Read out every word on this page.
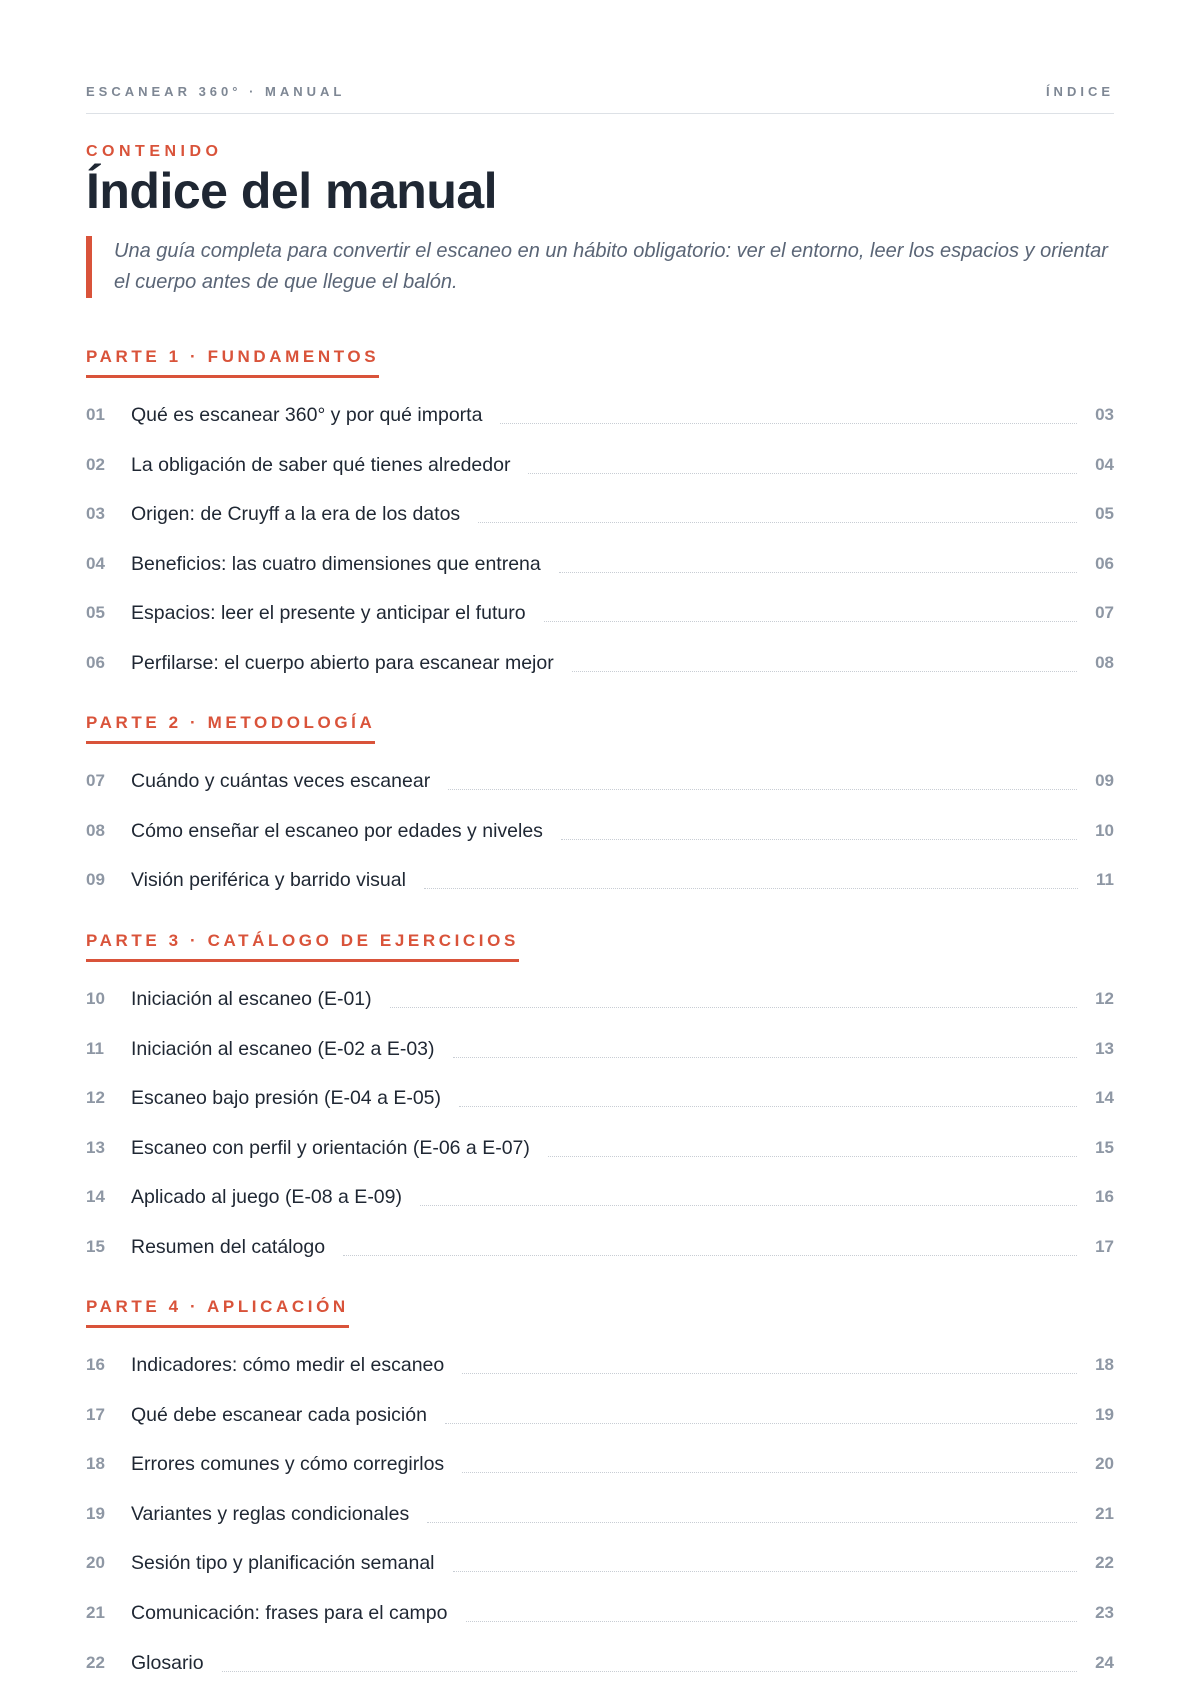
ESCANEAR 360° · MANUAL	ÍNDICE
CONTENIDO
Índice del manual
Una guía completa para convertir el escaneo en un hábito obligatorio: ver el entorno, leer los espacios y orientar el cuerpo antes de que llegue el balón.
PARTE 1 · FUNDAMENTOS
01	Qué es escanear 360° y por qué importa	03
02	La obligación de saber qué tienes alrededor	04
03	Origen: de Cruyff a la era de los datos	05
04	Beneficios: las cuatro dimensiones que entrena	06
05	Espacios: leer el presente y anticipar el futuro	07
06	Perfilarse: el cuerpo abierto para escanear mejor	08
PARTE 2 · METODOLOGÍA
07	Cuándo y cuántas veces escanear	09
08	Cómo enseñar el escaneo por edades y niveles	10
09	Visión periférica y barrido visual	11
PARTE 3 · CATÁLOGO DE EJERCICIOS
10	Iniciación al escaneo (E-01)	12
11	Iniciación al escaneo (E-02 a E-03)	13
12	Escaneo bajo presión (E-04 a E-05)	14
13	Escaneo con perfil y orientación (E-06 a E-07)	15
14	Aplicado al juego (E-08 a E-09)	16
15	Resumen del catálogo	17
PARTE 4 · APLICACIÓN
16	Indicadores: cómo medir el escaneo	18
17	Qué debe escanear cada posición	19
18	Errores comunes y cómo corregirlos	20
19	Variantes y reglas condicionales	21
20	Sesión tipo y planificación semanal	22
21	Comunicación: frases para el campo	23
22	Glosario	24
